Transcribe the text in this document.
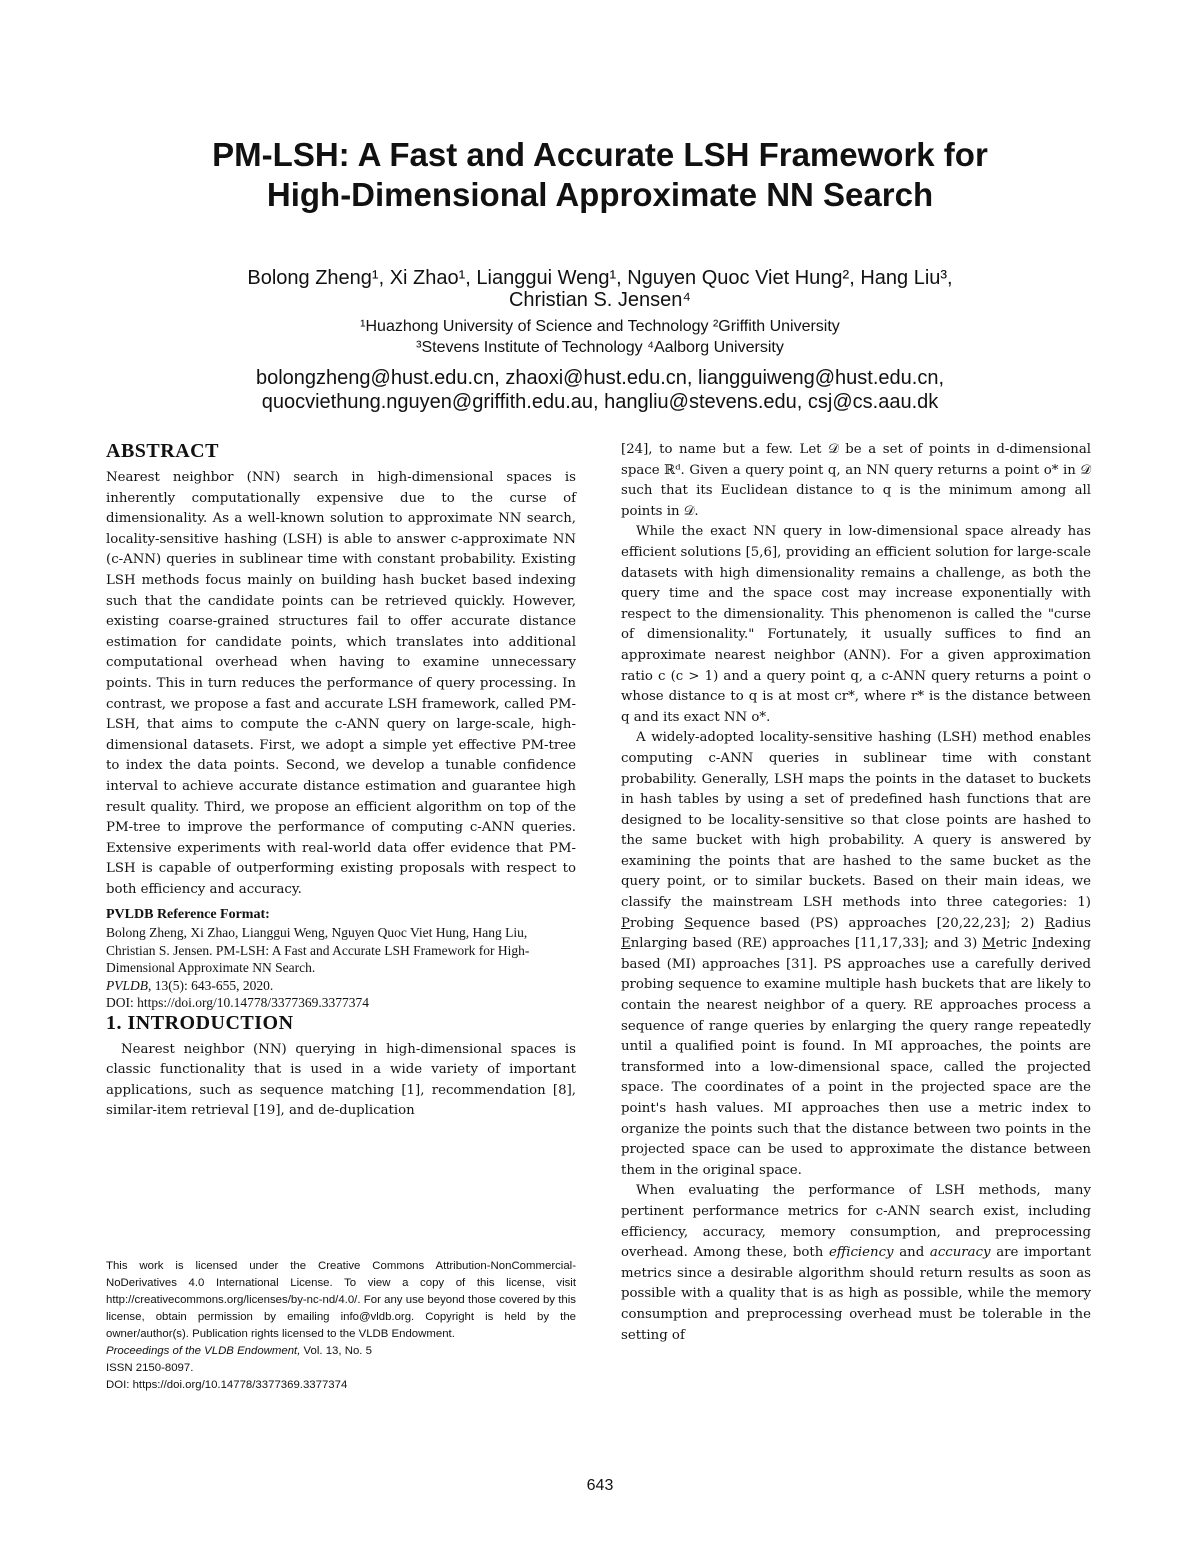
PM-LSH: A Fast and Accurate LSH Framework for
High-Dimensional Approximate NN Search
Bolong Zheng¹, Xi Zhao¹, Lianggui Weng¹, Nguyen Quoc Viet Hung², Hang Liu³,
Christian S. Jensen⁴
¹Huazhong University of Science and Technology ²Griffith University
³Stevens Institute of Technology ⁴Aalborg University
bolongzheng@hust.edu.cn, zhaoxi@hust.edu.cn, liangguiweng@hust.edu.cn,
quocviethung.nguyen@griffith.edu.au, hangliu@stevens.edu, csj@cs.aau.dk
ABSTRACT

Nearest neighbor (NN) search in high-dimensional spaces is inherently computationally expensive due to the curse of dimensionality. As a well-known solution to approximate NN search, locality-sensitive hashing (LSH) is able to answer c-approximate NN (c-ANN) queries in sublinear time with constant probability. Existing LSH methods focus mainly on building hash bucket based indexing such that the candidate points can be retrieved quickly. However, existing coarse-grained structures fail to offer accurate distance estimation for candidate points, which translates into additional computational overhead when having to examine unnecessary points. This in turn reduces the performance of query processing. In contrast, we propose a fast and accurate LSH framework, called PM-LSH, that aims to compute the c-ANN query on large-scale, high-dimensional datasets. First, we adopt a simple yet effective PM-tree to index the data points. Second, we develop a tunable confidence interval to achieve accurate distance estimation and guarantee high result quality. Third, we propose an efficient algorithm on top of the PM-tree to improve the performance of computing c-ANN queries. Extensive experiments with real-world data offer evidence that PM-LSH is capable of outperforming existing proposals with respect to both efficiency and accuracy.

PVLDB Reference Format:

Bolong Zheng, Xi Zhao, Lianggui Weng, Nguyen Quoc Viet Hung, Hang Liu, Christian S. Jensen. PM-LSH: A Fast and Accurate LSH Framework for High-Dimensional Approximate NN Search.
PVLDB, 13(5): 643-655, 2020.
DOI: https://doi.org/10.14778/3377369.3377374

1. INTRODUCTION

Nearest neighbor (NN) querying in high-dimensional spaces is classic functionality that is used in a wide variety of important applications, such as sequence matching [1], recommendation [8], similar-item retrieval [19], and de-duplication

This work is licensed under the Creative Commons Attribution-NonCommercial-NoDerivatives 4.0 International License. To view a copy of this license, visit http://creativecommons.org/licenses/by-nc-nd/4.0/. For any use beyond those covered by this license, obtain permission by emailing info@vldb.org. Copyright is held by the owner/author(s). Publication rights licensed to the VLDB Endowment.

Proceedings of the VLDB Endowment, Vol. 13, No. 5

ISSN 2150-8097.

DOI: https://doi.org/10.14778/3377369.3377374

[24], to name but a few. Let 𝒟 be a set of points in d-dimensional space ℝᵈ. Given a query point q, an NN query returns a point o* in 𝒟 such that its Euclidean distance to q is the minimum among all points in 𝒟.

While the exact NN query in low-dimensional space already has efficient solutions [5,6], providing an efficient solution for large-scale datasets with high dimensionality remains a challenge, as both the query time and the space cost may increase exponentially with respect to the dimensionality. This phenomenon is called the "curse of dimensionality." Fortunately, it usually suffices to find an approximate nearest neighbor (ANN). For a given approximation ratio c (c > 1) and a query point q, a c-ANN query returns a point o whose distance to q is at most cr*, where r* is the distance between q and its exact NN o*.

A widely-adopted locality-sensitive hashing (LSH) method enables computing c-ANN queries in sublinear time with constant probability. Generally, LSH maps the points in the dataset to buckets in hash tables by using a set of predefined hash functions that are designed to be locality-sensitive so that close points are hashed to the same bucket with high probability. A query is answered by examining the points that are hashed to the same bucket as the query point, or to similar buckets. Based on their main ideas, we classify the mainstream LSH methods into three categories: 1) Probing Sequence based (PS) approaches [20,22,23]; 2) Radius Enlarging based (RE) approaches [11,17,33]; and 3) Metric Indexing based (MI) approaches [31]. PS approaches use a carefully derived probing sequence to examine multiple hash buckets that are likely to contain the nearest neighbor of a query. RE approaches process a sequence of range queries by enlarging the query range repeatedly until a qualified point is found. In MI approaches, the points are transformed into a low-dimensional space, called the projected space. The coordinates of a point in the projected space are the point's hash values. MI approaches then use a metric index to organize the points such that the distance between two points in the projected space can be used to approximate the distance between them in the original space.

When evaluating the performance of LSH methods, many pertinent performance metrics for c-ANN search exist, including efficiency, accuracy, memory consumption, and preprocessing overhead. Among these, both efficiency and accuracy are important metrics since a desirable algorithm should return results as soon as possible with a quality that is as high as possible, while the memory consumption and preprocessing overhead must be tolerable in the setting of

643
